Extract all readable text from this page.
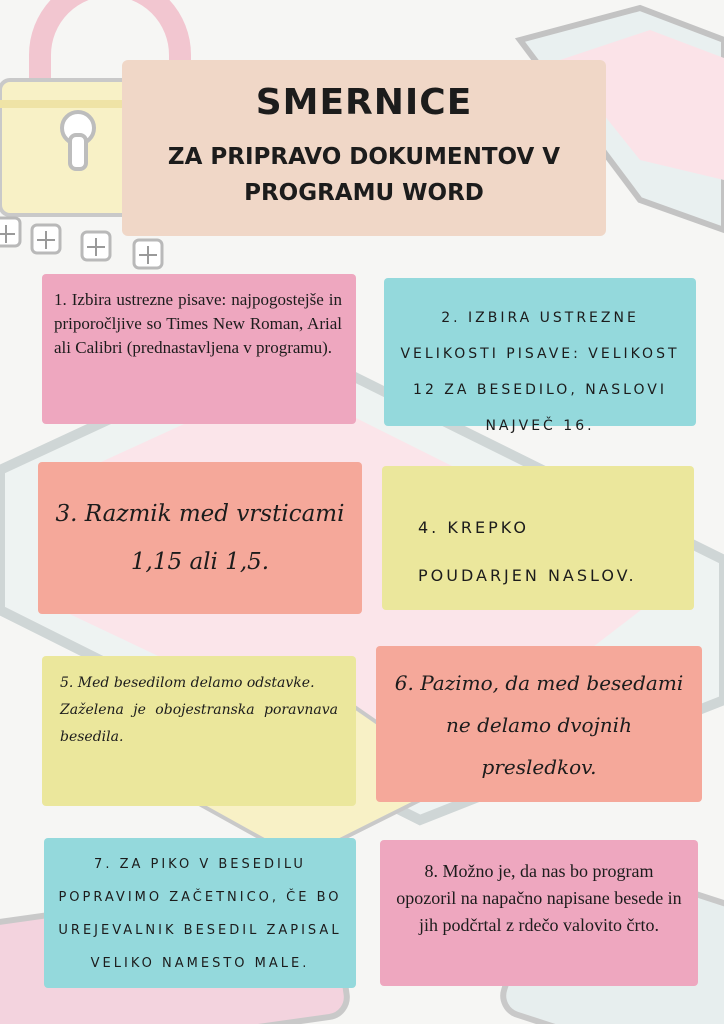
SMERNICE
ZA PRIPRAVO DOKUMENTOV V
PROGRAMU WORD
1. Izbira ustrezne pisave: najpogostejše in priporočljive so Times New Roman, Arial ali Calibri (prednastavljena v programu).
2. IZBIRA USTREZNE VELIKOSTI PISAVE: VELIKOST 12 ZA BESEDILO, NASLOVI NAJVEČ 16.
3. Razmik med vrsticami
1,15 ali 1,5.
4. KREPKO
POUDARJEN NASLOV.
5. Med besedilom delamo odstavke.
Zaželena je obojestranska poravnava besedila.
6. Pazimo, da med besedami ne delamo dvojnih presledkov.
7. ZA PIKO V BESEDILU POPRAVIMO ZAČETNICO, ČE BO UREJEVALNIK BESEDIL ZAPISAL VELIKO NAMESTO MALE.
8. Možno je, da nas bo program opozoril na napačno napisane besede in jih podčrtal z rdečo valovito črto.
